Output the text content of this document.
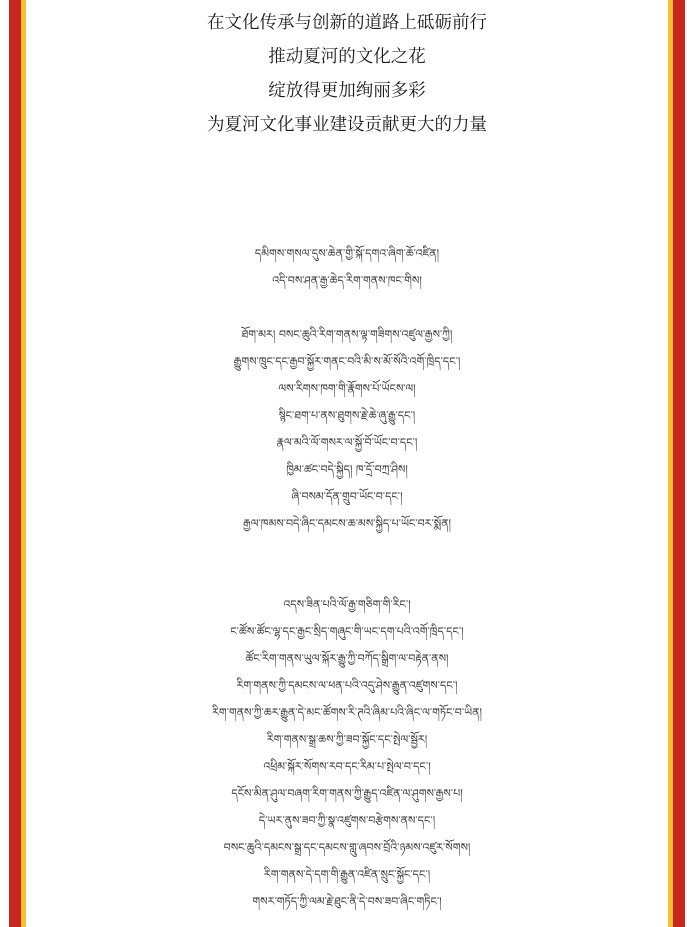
在文化传承与创新的道路上砥砺前行
推动夏河的文化之花
绽放得更加绚丽多彩
为夏河文化事业建设贡献更大的力量
དམིགས་གསལ་དུས་ཆེན་གྱི་སྐོ་དགའ་ཞིག་ཆོ་འཛིན།
འདི་བས་ཤན་རྒྱ་ཆེད་རིག་གནས་ཁང་གིས།
ཐོག་མར། བསང་ཆུའི་རིག་གནས་ལྟ་གཟིགས་འཛུལ་རྒྱས་ཀྱི།
རྒྱུགས་ཁྲུང་དང་རྒྱབ་སྐྱོར་གནང་བའི་མི་ས་མོ་སོའི་འགོ་ཁྲིད་དང་།
ལས་རིགས་ཁག་གི་རྣོགས་པོ་ཡོངས་ལ།
སྙིང་ཐག་པ་ནས་ཐུགས་རྗེ་ཆེ་ཞུ་རྒྱུ་དང་།
རྣལ་མའི་ལོ་གསར་ལ་སྐྱོ་བོ་ཡོང་བ་དང་།
ཁྱིམ་ཚང་བདེ་སྐྱིད། ཁ་དྲོ་བཀྲ་ཤིས།
ཞི་བསམ་དོན་གྲུབ་ཡོང་བ་དང་།
རྒྱལ་ཁམས་བདེ་ཞིང་དམངས་ཆ་མས་སྐྱིད་པ་ཡོང་བར་སྨོན།
འདས་ཟིན་པའི་ལོ་རྒྱ་གཅིག་གི་རིང་།
ང་ཚོས་ཚོང་ལྷ་དང་རྒྱང་སྲིད་གཞུང་གི་ཡང་དག་པའི་འགོ་ཁྲིད་དང་།
ཚོང་རིག་གནས་ཡུལ་སྐོར་རྒྱུ་ཀྱི་བཀོད་སྒྲིག་ལ་བརྟེན་ནས།
རིག་གནས་ཀྱི་དམངས་ལ་ཕན་པའི་འདུ་ཤེས་རྒྱུན་འཛུགས་དང་།
རིག་གནས་ཀྱི་ཆར་རྒྱུན་དེ་མང་ཚོགས་རི་ཊའི་ཞིམ་པའི་ཞིང་ལ་གཏོང་བ་ཡིན།
རིག་གནས་སྒྲ་ཆས་ཀྱི་ཟབ་སྐྱོང་དང་སྤེལ་སྦྱོར།
འཕྲིམ་སྐོར་སོགས་རབ་དང་རིམ་པ་སྤེལ་བ་དང་།
དངོས་མིན་ཤུལ་བཞག་རིག་གནས་ཀྱི་རྒྱུད་འཛིན་ལ་ཤུགས་རྒྱས་པ།
དེ་ཡར་ནུས་ཟབ་ཀྱི་སྣ་འཛུགས་བརྩེགས་ནས་དང་།
བསང་ཆུའི་དམངས་སྒྲ་དང་དམངས་གླུ་ཞབས་བྲོའི་ཉམས་འཛུར་སོགས།
རིག་གནས་དེ་དག་གི་རྒྱུན་འཛིན་སྲུང་སྐྱོང་དང་།
གསར་གཏོད་ཀྱི་ལམ་རྗེ་ཐུང་ནི་དེ་བས་ཟབ་ཞིང་གཏིང་།
